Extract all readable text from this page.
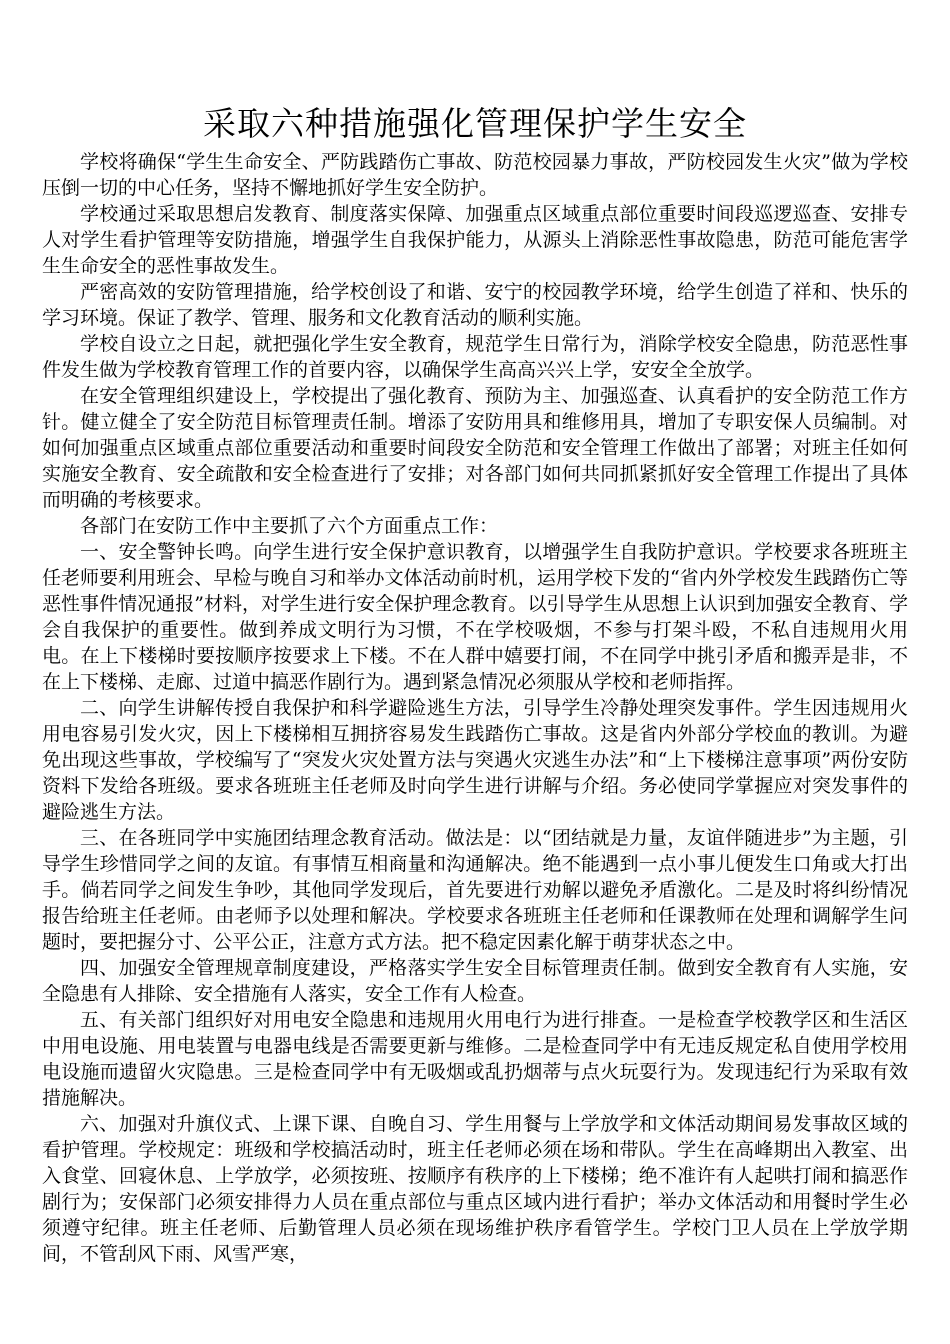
采取六种措施强化管理保护学生安全

学校将确保“学生生命安全、严防践踏伤亡事故、防范校园暴力事故，严防校园发生火灾”做为学校压倒一切的中心任务，坚持不懈地抓好学生安全防护。

学校通过采取思想启发教育、制度落实保障、加强重点区域重点部位重要时间段巡逻巡查、安排专人对学生看护管理等安防措施，增强学生自我保护能力，从源头上消除恶性事故隐患，防范可能危害学生生命安全的恶性事故发生。

严密高效的安防管理措施，给学校创设了和谐、安宁的校园教学环境，给学生创造了祥和、快乐的学习环境。保证了教学、管理、服务和文化教育活动的顺利实施。

学校自设立之日起，就把强化学生安全教育，规范学生日常行为，消除学校安全隐患，防范恶性事件发生做为学校教育管理工作的首要内容，以确保学生高高兴兴上学，安安全全放学。

在安全管理组织建设上，学校提出了强化教育、预防为主、加强巡查、认真看护的安全防范工作方针。健立健全了安全防范目标管理责任制。增添了安防用具和维修用具，增加了专职安保人员编制。对如何加强重点区域重点部位重要活动和重要时间段安全防范和安全管理工作做出了部署；对班主任如何实施安全教育、安全疏散和安全检查进行了安排；对各部门如何共同抓紧抓好安全管理工作提出了具体而明确的考核要求。

各部门在安防工作中主要抓了六个方面重点工作：

一、安全警钟长鸣。向学生进行安全保护意识教育，以增强学生自我防护意识。学校要求各班班主任老师要利用班会、早检与晚自习和举办文体活动前时机，运用学校下发的“省内外学校发生践踏伤亡等恶性事件情况通报”材料，对学生进行安全保护理念教育。以引导学生从思想上认识到加强安全教育、学会自我保护的重要性。做到养成文明行为习惯，不在学校吸烟，不参与打架斗殴，不私自违规用火用电。在上下楼梯时要按顺序按要求上下楼。不在人群中嬉要打闹，不在同学中挑引矛盾和搬弄是非，不在上下楼梯、走廊、过道中搞恶作剧行为。遇到紧急情况必须服从学校和老师指挥。

二、向学生讲解传授自我保护和科学避险逃生方法，引导学生冷静处理突发事件。学生因违规用火用电容易引发火灾，因上下楼梯相互拥挤容易发生践踏伤亡事故。这是省内外部分学校血的教训。为避免出现这些事故，学校编写了“突发火灾处置方法与突遇火灾逃生办法”和“上下楼梯注意事项”两份安防资料下发给各班级。要求各班班主任老师及时向学生进行讲解与介绍。务必使同学掌握应对突发事件的避险逃生方法。

三、在各班同学中实施团结理念教育活动。做法是：以“团结就是力量，友谊伴随进步”为主题，引导学生珍惜同学之间的友谊。有事情互相商量和沟通解决。绝不能遇到一点小事儿便发生口角或大打出手。倘若同学之间发生争吵，其他同学发现后，首先要进行劝解以避免矛盾激化。二是及时将纠纷情况报告给班主任老师。由老师予以处理和解决。学校要求各班班主任老师和任课教师在处理和调解学生问题时，要把握分寸、公平公正，注意方式方法。把不稳定因素化解于萌芽状态之中。

四、加强安全管理规章制度建设，严格落实学生安全目标管理责任制。做到安全教育有人实施，安全隐患有人排除、安全措施有人落实，安全工作有人检查。

五、有关部门组织好对用电安全隐患和违规用火用电行为进行排查。一是检查学校教学区和生活区中用电设施、用电装置与电器电线是否需要更新与维修。二是检查同学中有无违反规定私自使用学校用电设施而遗留火灾隐患。三是检查同学中有无吸烟或乱扔烟蒂与点火玩耍行为。发现违纪行为采取有效措施解决。

六、加强对升旗仪式、上课下课、自晚自习、学生用餐与上学放学和文体活动期间易发事故区域的看护管理。学校规定：班级和学校搞活动时，班主任老师必须在场和带队。学生在高峰期出入教室、出入食堂、回寝休息、上学放学，必须按班、按顺序有秩序的上下楼梯；绝不准许有人起哄打闹和搞恶作剧行为；安保部门必须安排得力人员在重点部位与重点区域内进行看护；举办文体活动和用餐时学生必须遵守纪律。班主任老师、后勤管理人员必须在现场维护秩序看管学生。学校门卫人员在上学放学期间，不管刮风下雨、风雪严寒，
